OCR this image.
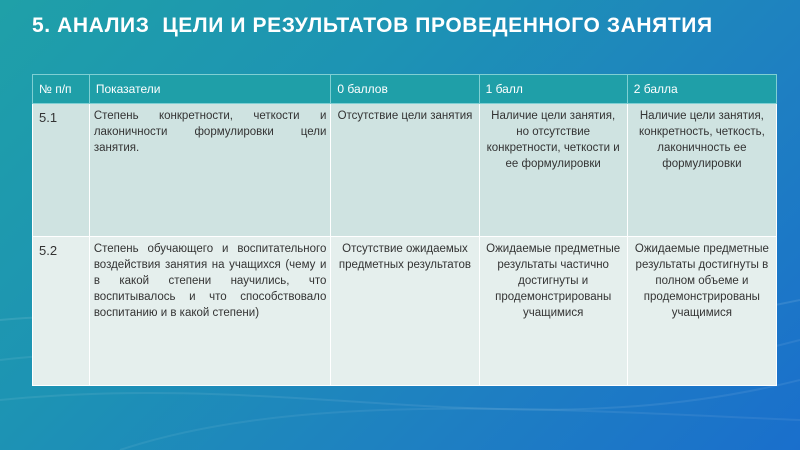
5. АНАЛИЗ  ЦЕЛИ И РЕЗУЛЬТАТОВ ПРОВЕДЕННОГО ЗАНЯТИЯ
№ п/п	Показатели	0 баллов	1 балл	2 балла
5.1	Степень конкретности, четкости и лаконичности формулировки цели занятия.	Отсутствие цели занятия	Наличие цели занятия, но отсутствие конкретности, четкости и ее формулировки	Наличие цели занятия, конкретность, четкость, лаконичность ее формулировки
5.2	Степень обучающего и воспитательного воздействия занятия на учащихся (чему и в какой степени научились, что воспитывалось и что способствовало воспитанию и в какой степени)	Отсутствие ожидаемых предметных результатов	Ожидаемые предметные результаты частично достигнуты и продемонстрированы учащимися	Ожидаемые предметные результаты достигнуты в полном объеме и продемонстрированы учащимися
